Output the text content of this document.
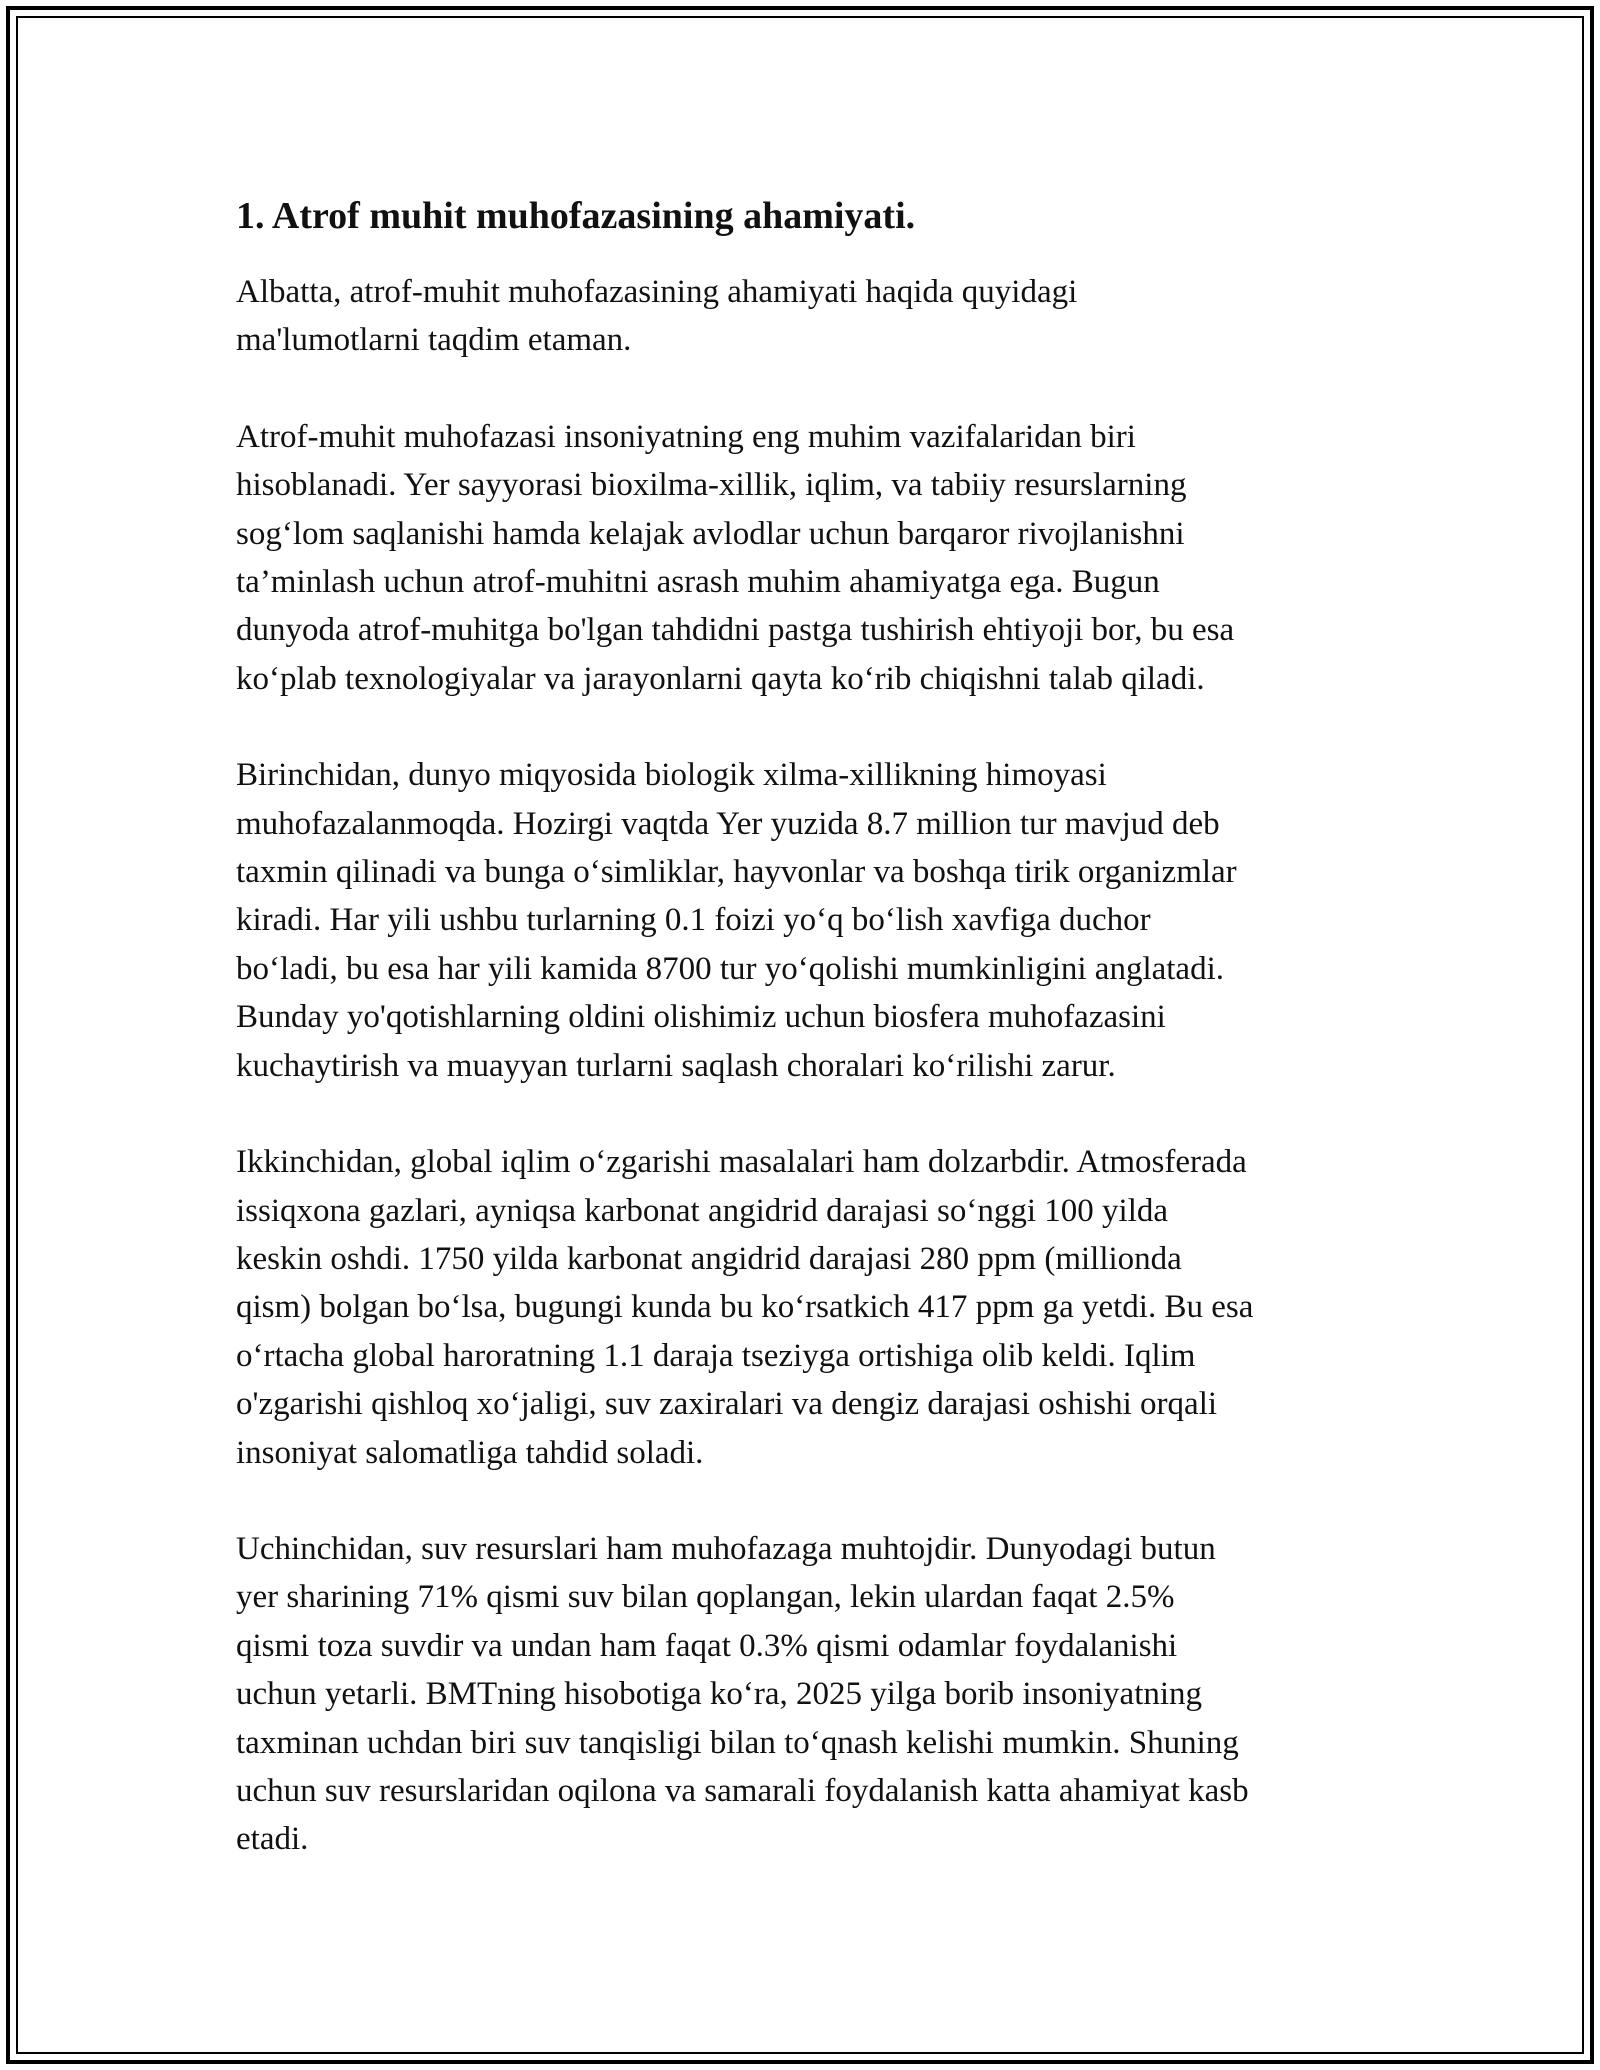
1. Atrof muhit muhofazasining ahamiyati.
Albatta, atrof-muhit muhofazasining ahamiyati haqida quyidagi
ma'lumotlarni taqdim etaman.
Atrof-muhit muhofazasi insoniyatning eng muhim vazifalaridan biri
hisoblanadi. Yer sayyorasi bioxilma-xillik, iqlim, va tabiiy resurslarning
sog‘lom saqlanishi hamda kelajak avlodlar uchun barqaror rivojlanishni
ta’minlash uchun atrof-muhitni asrash muhim ahamiyatga ega. Bugun
dunyoda atrof-muhitga bo'lgan tahdidni pastga tushirish ehtiyoji bor, bu esa
ko‘plab texnologiyalar va jarayonlarni qayta ko‘rib chiqishni talab qiladi.
Birinchidan, dunyo miqyosida biologik xilma-xillikning himoyasi
muhofazalanmoqda. Hozirgi vaqtda Yer yuzida 8.7 million tur mavjud deb
taxmin qilinadi va bunga o‘simliklar, hayvonlar va boshqa tirik organizmlar
kiradi. Har yili ushbu turlarning 0.1 foizi yo‘q bo‘lish xavfiga duchor
bo‘ladi, bu esa har yili kamida 8700 tur yo‘qolishi mumkinligini anglatadi.
Bunday yo'qotishlarning oldini olishimiz uchun biosfera muhofazasini
kuchaytirish va muayyan turlarni saqlash choralari ko‘rilishi zarur.
Ikkinchidan, global iqlim o‘zgarishi masalalari ham dolzarbdir. Atmosferada
issiqxona gazlari, ayniqsa karbonat angidrid darajasi so‘nggi 100 yilda
keskin oshdi. 1750 yilda karbonat angidrid darajasi 280 ppm (millionda
qism) bolgan bo‘lsa, bugungi kunda bu ko‘rsatkich 417 ppm ga yetdi. Bu esa
o‘rtacha global haroratning 1.1 daraja tseziyga ortishiga olib keldi. Iqlim
o'zgarishi qishloq xo‘jaligi, suv zaxiralari va dengiz darajasi oshishi orqali
insoniyat salomatliga tahdid soladi.
Uchinchidan, suv resurslari ham muhofazaga muhtojdir. Dunyodagi butun
yer sharining 71% qismi suv bilan qoplangan, lekin ulardan faqat 2.5%
qismi toza suvdir va undan ham faqat 0.3% qismi odamlar foydalanishi
uchun yetarli. BMTning hisobotiga ko‘ra, 2025 yilga borib insoniyatning
taxminan uchdan biri suv tanqisligi bilan to‘qnash kelishi mumkin. Shuning
uchun suv resurslaridan oqilona va samarali foydalanish katta ahamiyat kasb
etadi.
